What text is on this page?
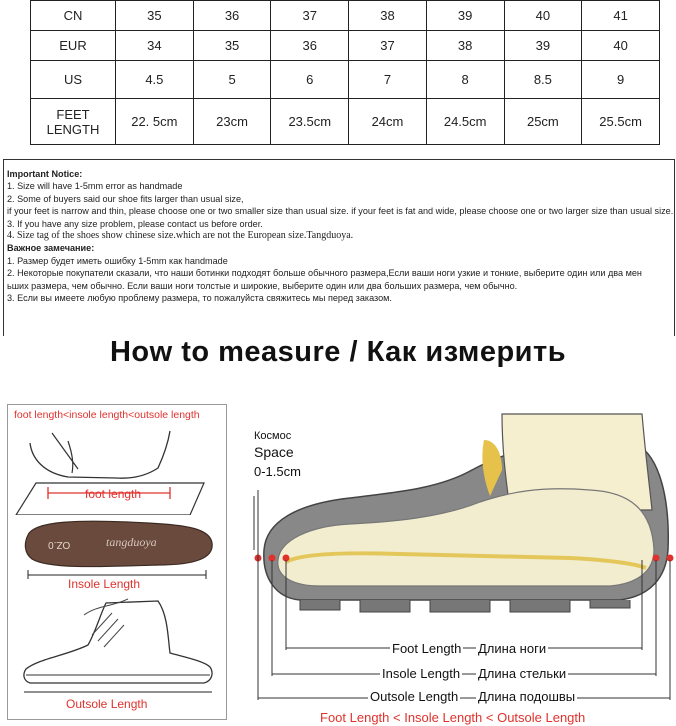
CN	35	36	37	38	39	40	41
EUR	34	35	36	37	38	39	40
US	4.5	5	6	7	8	8.5	9
FEET
LENGTH	22. 5cm	23cm	23.5cm	24cm	24.5cm	25cm	25.5cm

Important Notice:

1. Size will have 1-5mm error as handmade

2. Some of buyers said our shoe fits larger than usual size,

if your feet is narrow and thin, please choose one or two smaller size than usual size. if your feet is fat and wide, please choose one or two larger size than usual size.

3. If you have any size problem, please contact us before order.

4. Size tag of the shoes show chinese size.which are not the European size.Tangduoya.

Важное замечание:

1. Размер будет иметь ошибку 1-5mm как handmade

2. Некоторые покупатели сказали, что наши ботинки подходят больше обычного размера,Если ваши ноги узкие и тонкие, выберите один или два мен

ьших размера, чем обычно. Если ваши ноги толстые и широкие, выберите один или два больших размера, чем обычно.

3. Если вы имеете любую проблему размера, то пожалуйста свяжитесь мы перед заказом.

How to measure / Как измерить
foot length<insole length<outsole length
foot length
OZ.0	tangduoya
Insole Length
Outsole Length
Космос
Space
0-1.5cm
Foot Length Длина ноги
Insole Length Длина стельки
Outsole Length Длина подошвы
Foot Length < Insole Length < Outsole Length
